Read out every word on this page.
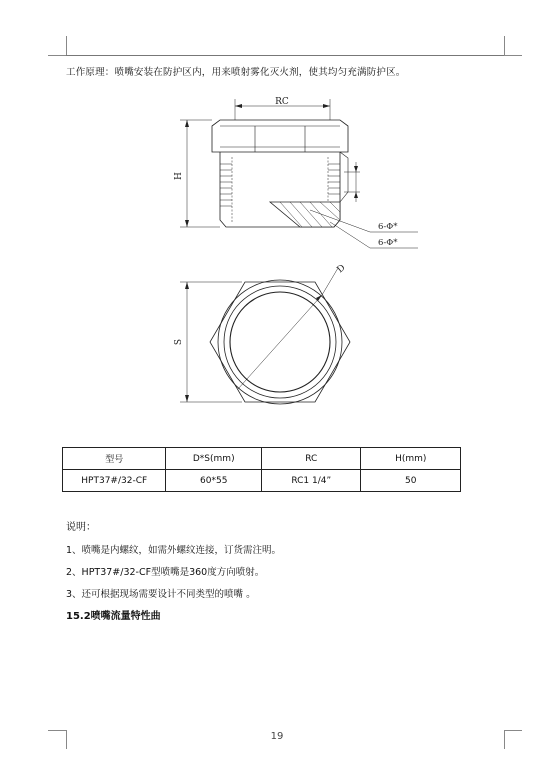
工作原理：喷嘴安装在防护区内，用来喷射雾化灭火剂，使其均匀充满防护区。
RC
H
6-Φ*
6-Φ*
S
D
型号	D*S(mm)	RC	H(mm)
HPT37#/32-CF	60*55	RC1 1/4”	50
说明：
1、喷嘴是内螺纹，如需外螺纹连接，订货需注明。
2、HPT37#/32-CF型喷嘴是360度方向喷射。
3、还可根据现场需要设计不同类型的喷嘴 。
15.2喷嘴流量特性曲
19
